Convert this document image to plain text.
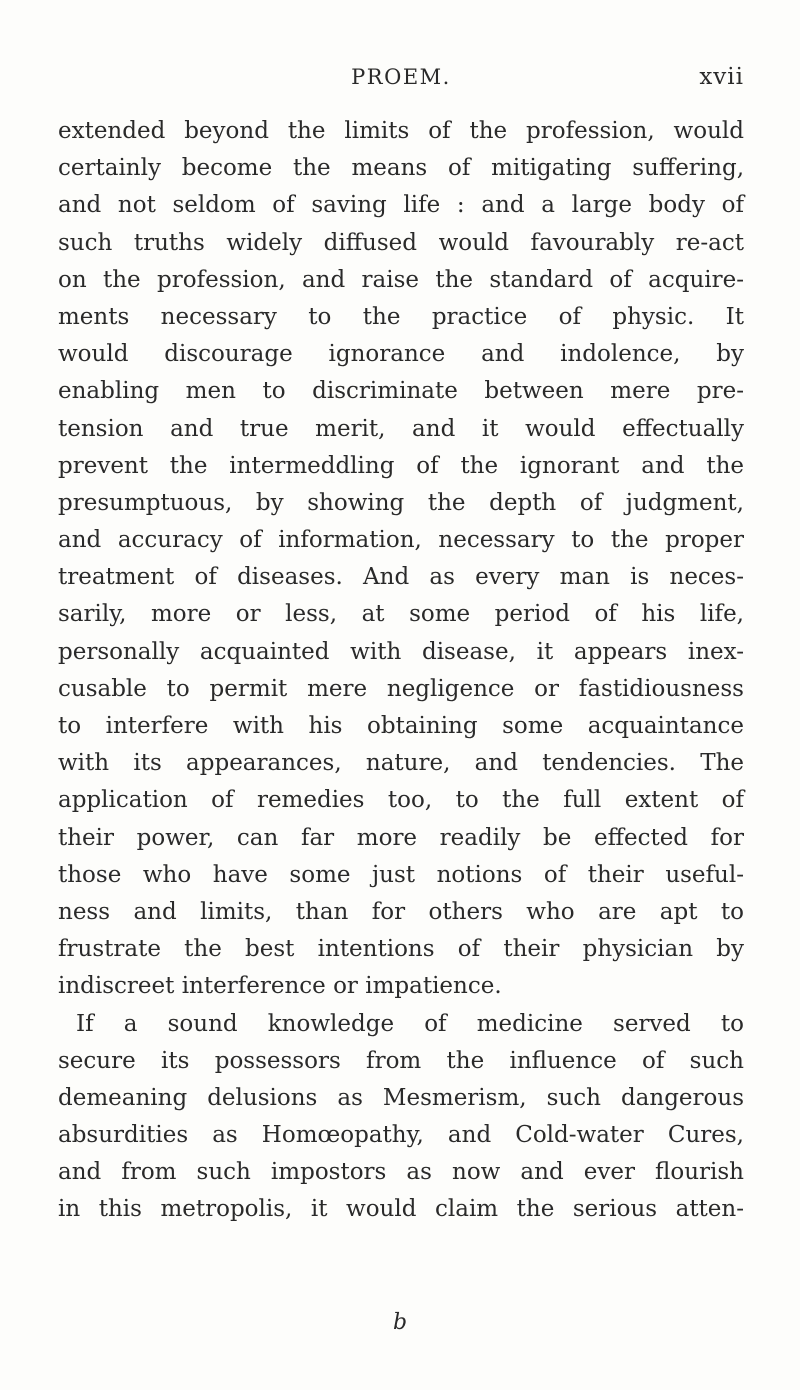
PROEM.	xvii
extended beyond the limits of the profession, would
certainly become the means of mitigating suffering,
and not seldom of saving life : and a large body of
such truths widely diffused would favourably re-act
on the profession, and raise the standard of acquire-
ments necessary to the practice of physic. It
would discourage ignorance and indolence, by
enabling men to discriminate between mere pre-
tension and true merit, and it would effectually
prevent the intermeddling of the ignorant and the
presumptuous, by showing the depth of judgment,
and accuracy of information, necessary to the proper
treatment of diseases. And as every man is neces-
sarily, more or less, at some period of his life,
personally acquainted with disease, it appears inex-
cusable to permit mere negligence or fastidiousness
to interfere with his obtaining some acquaintance
with its appearances, nature, and tendencies. The
application of remedies too, to the full extent of
their power, can far more readily be effected for
those who have some just notions of their useful-
ness and limits, than for others who are apt to
frustrate the best intentions of their physician by
indiscreet interference or impatience.
If a sound knowledge of medicine served to
secure its possessors from the influence of such
demeaning delusions as Mesmerism, such dangerous
absurdities as Homœopathy, and Cold-water Cures,
and from such impostors as now and ever flourish
in this metropolis, it would claim the serious atten-
b
